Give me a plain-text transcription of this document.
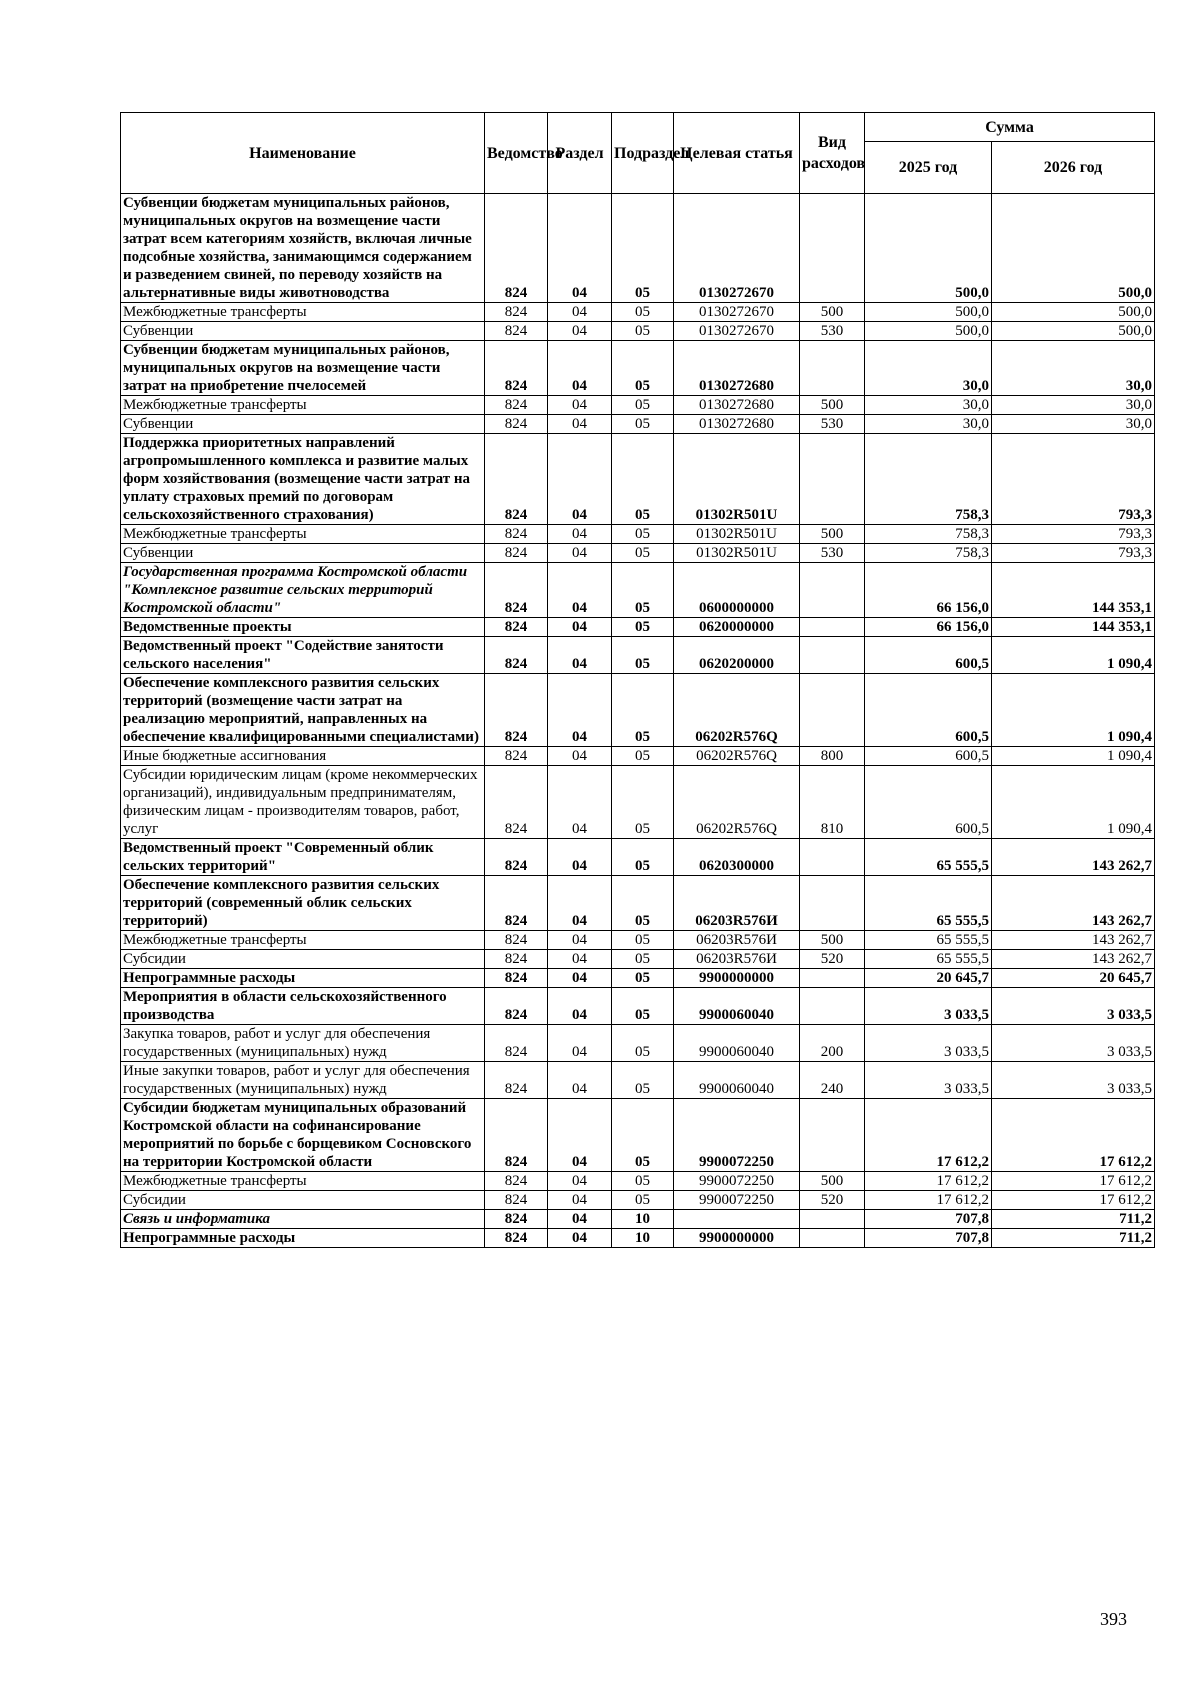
Наименование	Ведомство	Раздел	Подраздел	Целевая статья	Вид расходов	Сумма	
						2025 год	2026 год
Субвенции бюджетам муниципальных районов, муниципальных округов на возмещение части затрат всем категориям хозяйств, включая личные подсобные хозяйства, занимающимся содержанием и разведением свиней, по переводу хозяйств на альтернативные виды животноводства	824	04	05	0130272670		500,0	500,0
Межбюджетные трансферты	824	04	05	0130272670	500	500,0	500,0
Субвенции	824	04	05	0130272670	530	500,0	500,0
Субвенции бюджетам муниципальных районов, муниципальных округов на возмещение части затрат на приобретение пчелосемей	824	04	05	0130272680		30,0	30,0
Межбюджетные трансферты	824	04	05	0130272680	500	30,0	30,0
Субвенции	824	04	05	0130272680	530	30,0	30,0
Поддержка приоритетных направлений агропромышленного комплекса и развитие малых форм хозяйствования (возмещение части затрат на уплату страховых премий по договорам сельскохозяйственного страхования)	824	04	05	01302R501U		758,3	793,3
Межбюджетные трансферты	824	04	05	01302R501U	500	758,3	793,3
Субвенции	824	04	05	01302R501U	530	758,3	793,3
Государственная программа Костромской области "Комплексное развитие сельских территорий Костромской области"	824	04	05	0600000000		66 156,0	144 353,1
Ведомственные проекты	824	04	05	0620000000		66 156,0	144 353,1
Ведомственный проект "Содействие занятости сельского населения"	824	04	05	0620200000		600,5	1 090,4
Обеспечение комплексного развития сельских территорий (возмещение части затрат на реализацию мероприятий, направленных на обеспечение квалифицированными специалистами)	824	04	05	06202R576Q		600,5	1 090,4
Иные бюджетные ассигнования	824	04	05	06202R576Q	800	600,5	1 090,4
Субсидии юридическим лицам (кроме некоммерческих организаций), индивидуальным предпринимателям, физическим лицам - производителям товаров, работ, услуг	824	04	05	06202R576Q	810	600,5	1 090,4
Ведомственный проект "Современный облик сельских территорий"	824	04	05	0620300000		65 555,5	143 262,7
Обеспечение комплексного развития сельских территорий (современный облик сельских территорий)	824	04	05	06203R576И		65 555,5	143 262,7
Межбюджетные трансферты	824	04	05	06203R576И	500	65 555,5	143 262,7
Субсидии	824	04	05	06203R576И	520	65 555,5	143 262,7
Непрограммные расходы	824	04	05	9900000000		20 645,7	20 645,7
Мероприятия в области сельскохозяйственного производства	824	04	05	9900060040		3 033,5	3 033,5
Закупка товаров, работ и услуг для обеспечения государственных (муниципальных) нужд	824	04	05	9900060040	200	3 033,5	3 033,5
Иные закупки товаров, работ и услуг для обеспечения государственных (муниципальных) нужд	824	04	05	9900060040	240	3 033,5	3 033,5
Субсидии бюджетам муниципальных образований Костромской области на софинансирование мероприятий по борьбе с борщевиком Сосновского на территории Костромской области	824	04	05	9900072250		17 612,2	17 612,2
Межбюджетные трансферты	824	04	05	9900072250	500	17 612,2	17 612,2
Субсидии	824	04	05	9900072250	520	17 612,2	17 612,2
Связь и информатика	824	04	10			707,8	711,2
Непрограммные расходы	824	04	10	9900000000		707,8	711,2
393
